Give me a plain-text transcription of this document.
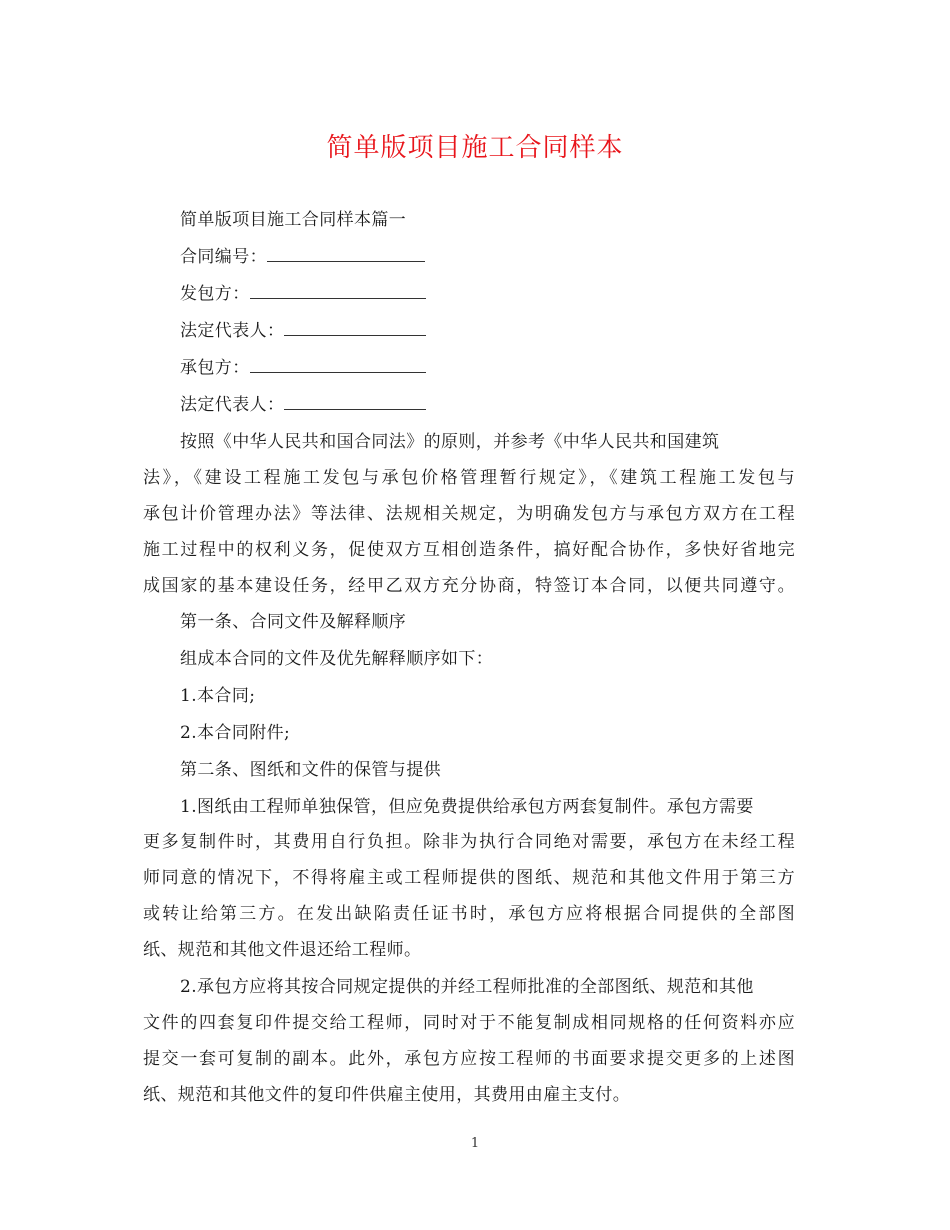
简单版项目施工合同样本
简单版项目施工合同样本篇一
合同编号：
发包方：
法定代表人：
承包方：
法定代表人：
按照《中华人民共和国合同法》的原则，并参考《中华人民共和国建筑
法》，《建设工程施工发包与承包价格管理暂行规定》，《建筑工程施工发包与
承包计价管理办法》等法律、法规相关规定，为明确发包方与承包方双方在工程
施工过程中的权利义务，促使双方互相创造条件，搞好配合协作，多快好省地完
成国家的基本建设任务，经甲乙双方充分协商，特签订本合同，以便共同遵守。
第一条、合同文件及解释顺序
组成本合同的文件及优先解释顺序如下：
1.本合同;
2.本合同附件;
第二条、图纸和文件的保管与提供
1.图纸由工程师单独保管，但应免费提供给承包方两套复制件。承包方需要
更多复制件时，其费用自行负担。除非为执行合同绝对需要，承包方在未经工程
师同意的情况下，不得将雇主或工程师提供的图纸、规范和其他文件用于第三方
或转让给第三方。在发出缺陷责任证书时，承包方应将根据合同提供的全部图
纸、规范和其他文件退还给工程师。
2.承包方应将其按合同规定提供的并经工程师批准的全部图纸、规范和其他
文件的四套复印件提交给工程师，同时对于不能复制成相同规格的任何资料亦应
提交一套可复制的副本。此外，承包方应按工程师的书面要求提交更多的上述图
纸、规范和其他文件的复印件供雇主使用，其费用由雇主支付。
1
